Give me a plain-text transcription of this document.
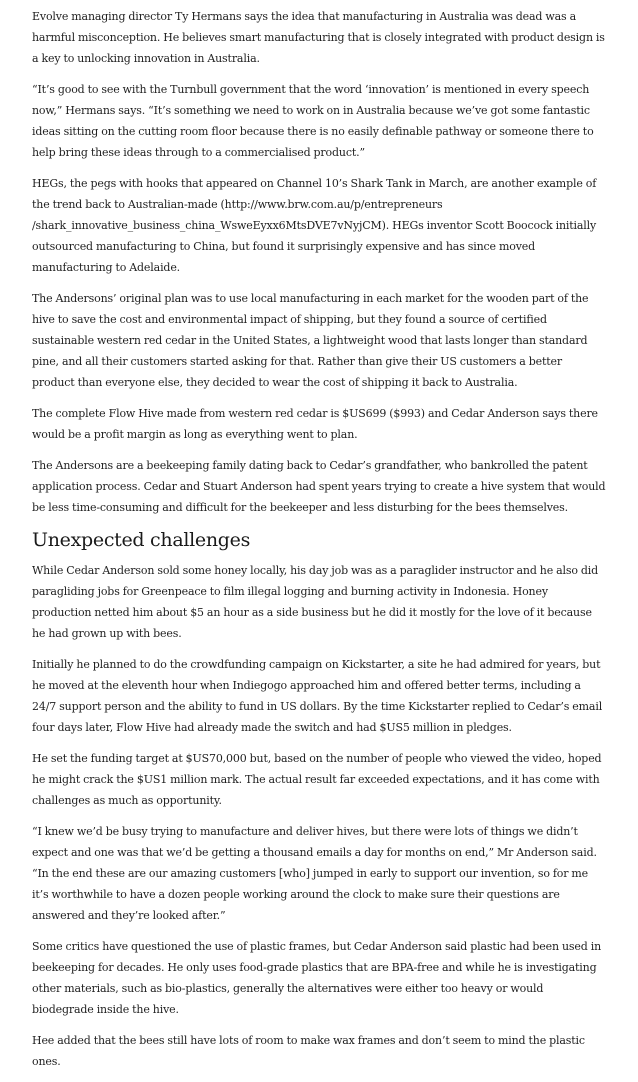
Evolve managing director Ty Hermans says the idea that manufacturing in Australia was dead was a harmful misconception. He believes smart manufacturing that is closely integrated with product design is a key to unlocking innovation in Australia.

“It’s good to see with the Turnbull government that the word ‘innovation’ is mentioned in every speech now,” Hermans says. “It’s something we need to work on in Australia because we’ve got some fantastic ideas sitting on the cutting room floor because there is no easily definable pathway or someone there to help bring these ideas through to a commercialised product.”

HEGs, the pegs with hooks that appeared on Channel 10’s Shark Tank in March, are another example of the trend back to Australian-made (http://www.brw.com.au/p/entrepreneurs /shark_innovative_business_china_WsweEyxx6MtsDVE7vNyjCM). HEGs inventor Scott Boocock initially outsourced manufacturing to China, but found it surprisingly expensive and has since moved manufacturing to Adelaide.

The Andersons’ original plan was to use local manufacturing in each market for the wooden part of the hive to save the cost and environmental impact of shipping, but they found a source of certified sustainable western red cedar in the United States, a lightweight wood that lasts longer than standard pine, and all their customers started asking for that. Rather than give their US customers a better product than everyone else, they decided to wear the cost of shipping it back to Australia.

The complete Flow Hive made from western red cedar is $US699 ($993) and Cedar Anderson says there would be a profit margin as long as everything went to plan.

The Andersons are a beekeeping family dating back to Cedar’s grandfather, who bankrolled the patent application process. Cedar and Stuart Anderson had spent years trying to create a hive system that would be less time-consuming and difficult for the beekeeper and less disturbing for the bees themselves.

Unexpected challenges

While Cedar Anderson sold some honey locally, his day job was as a paraglider instructor and he also did paragliding jobs for Greenpeace to film illegal logging and burning activity in Indonesia. Honey production netted him about $5 an hour as a side business but he did it mostly for the love of it because he had grown up with bees.

Initially he planned to do the crowdfunding campaign on Kickstarter, a site he had admired for years, but he moved at the eleventh hour when Indiegogo approached him and offered better terms, including a 24/7 support person and the ability to fund in US dollars. By the time Kickstarter replied to Cedar’s email four days later, Flow Hive had already made the switch and had $US5 million in pledges.

He set the funding target at $US70,000 but, based on the number of people who viewed the video, hoped he might crack the $US1 million mark. The actual result far exceeded expectations, and it has come with challenges as much as opportunity.

“I knew we’d be busy trying to manufacture and deliver hives, but there were lots of things we didn’t expect and one was that we’d be getting a thousand emails a day for months on end,” Mr Anderson said. “In the end these are our amazing customers [who] jumped in early to support our invention, so for me it’s worthwhile to have a dozen people working around the clock to make sure their questions are answered and they’re looked after.”

Some critics have questioned the use of plastic frames, but Cedar Anderson said plastic had been used in beekeeping for decades. He only uses food-grade plastics that are BPA-free and while he is investigating other materials, such as bio-plastics, generally the alternatives were either too heavy or would biodegrade inside the hive.

Hee added that the bees still have lots of room to make wax frames and don’t seem to mind the plastic ones.
